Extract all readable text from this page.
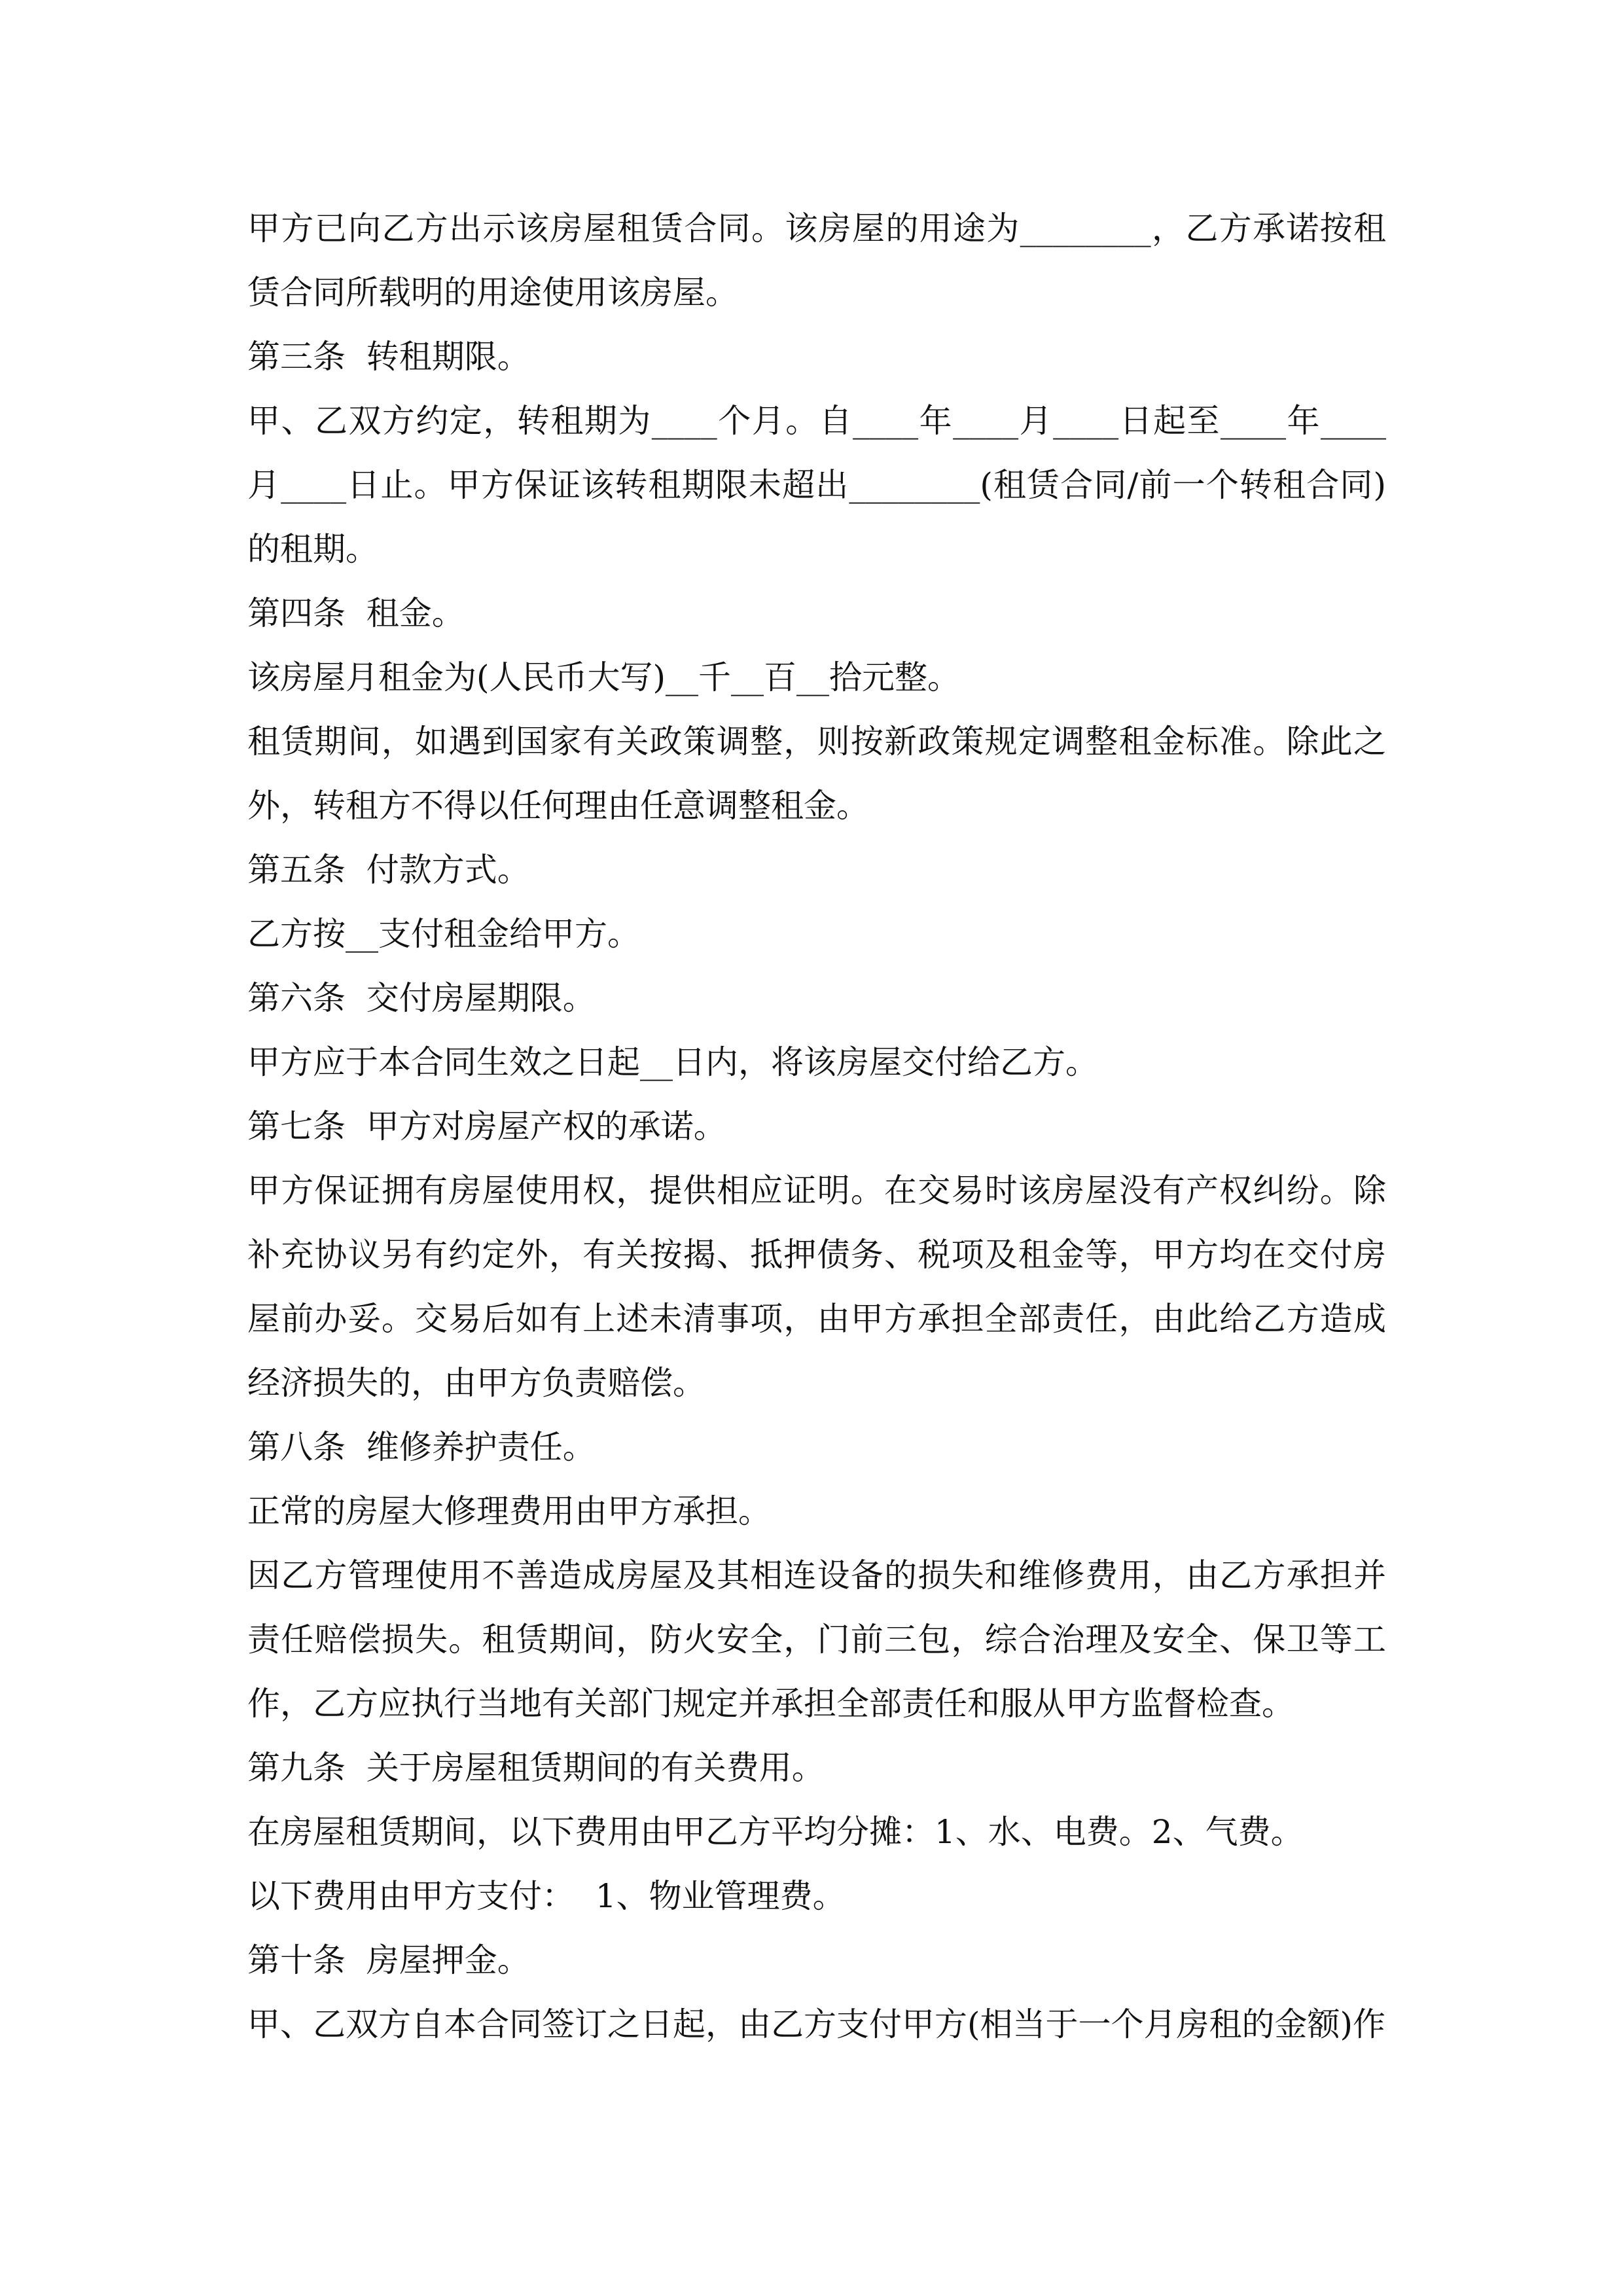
甲方已向乙方出示该房屋租赁合同。该房屋的用途为________，乙方承诺按租赁合同所载明的用途使用该房屋。

第三条  转租期限。

甲、乙双方约定，转租期为____个月。自____年____月____日起至____年____月____日止。甲方保证该转租期限未超出________(租赁合同/前一个转租合同)的租期。

第四条  租金。

该房屋月租金为(人民币大写)__千__百__拾元整。

租赁期间，如遇到国家有关政策调整，则按新政策规定调整租金标准。除此之外，转租方不得以任何理由任意调整租金。

第五条  付款方式。

乙方按__支付租金给甲方。

第六条  交付房屋期限。

甲方应于本合同生效之日起__日内，将该房屋交付给乙方。

第七条  甲方对房屋产权的承诺。

甲方保证拥有房屋使用权，提供相应证明。在交易时该房屋没有产权纠纷。除补充协议另有约定外，有关按揭、抵押债务、税项及租金等，甲方均在交付房屋前办妥。交易后如有上述未清事项，由甲方承担全部责任，由此给乙方造成经济损失的，由甲方负责赔偿。

第八条  维修养护责任。

正常的房屋大修理费用由甲方承担。

因乙方管理使用不善造成房屋及其相连设备的损失和维修费用，由乙方承担并责任赔偿损失。租赁期间，防火安全，门前三包，综合治理及安全、保卫等工作，乙方应执行当地有关部门规定并承担全部责任和服从甲方监督检查。

第九条  关于房屋租赁期间的有关费用。

在房屋租赁期间，以下费用由甲乙方平均分摊：1、水、电费。2、气费。

以下费用由甲方支付：  1、物业管理费。

第十条  房屋押金。

甲、乙双方自本合同签订之日起，由乙方支付甲方(相当于一个月房租的金额)作
